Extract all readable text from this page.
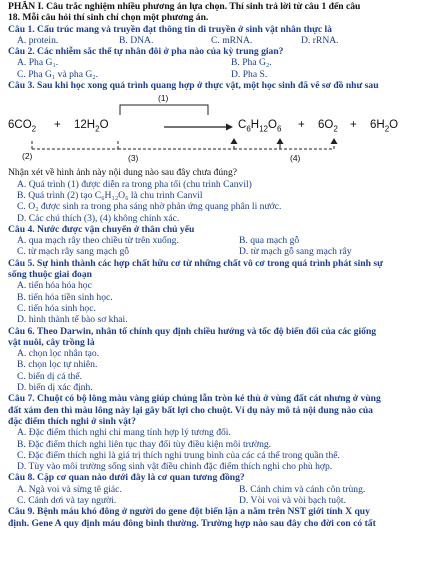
PHẦN I. Câu trắc nghiệm nhiều phương án lựa chọn. Thí sinh trả lời từ câu 1 đến câu
18. Mỗi câu hỏi thí sinh chỉ chọn một phương án.
Câu 1. Cấu trúc mang và truyền đạt thông tin di truyền ở sinh vật nhân thực là
A. protein.	B. DNA.	C. mRNA.	D. rRNA.
Câu 2. Các nhiễm sắc thể tự nhân đôi ở pha nào của kỳ trung gian?
A. Pha G₁.	B. Pha G₂.
C. Pha G₁ và pha G₂.	D. Pha S.
Câu 3. Sau khi học xong quá trình quang hợp ở thực vật, một học sinh đã vẽ sơ đồ như sau
(1)
$6CO_2 + 12H_2O$	$C_6H_{12}O_6 + 6O_2 + 6H_2O$
(2)	(3)	(4)
Nhận xét về hình ảnh này nội dung nào sau đây chưa đúng?
A. Quá trình (1) được diễn ra trong pha tối (chu trình Canvil)
B. Quá trình (2) tạo C₆H₁₂O₆ là chu trình Canvil
C. O₂ được sinh ra trong pha sáng nhờ phản ứng quang phân li nước.
D. Các chú thích (3), (4) không chính xác.
Câu 4. Nước được vận chuyển ở thân chủ yếu
A. qua mạch rây theo chiều từ trên xuống.	B. qua mạch gỗ
C. từ mạch rây sang mạch gỗ	D. từ mạch gỗ sang mạch rây
Câu 5. Sự hình thành các hợp chất hữu cơ từ những chất vô cơ trong quá trình phát sinh sự
sống thuộc giai đoạn
A. tiến hóa hóa học
B. tiến hóa tiền sinh học.
C. tiến hóa sinh học.
D. hình thành tế bào sơ khai.
Câu 6. Theo Darwin, nhân tố chính quy định chiều hướng và tốc độ biến đổi của các giống
vật nuôi, cây trồng là
A. chọn lọc nhân tạo.
B. chọn lọc tự nhiên.
C. biến dị cá thể.
D. biến dị xác định.
Câu 7. Chuột có bộ lông màu vàng giúp chúng lẫn tròn kẻ thù ở vùng đất cát nhưng ở vùng
đất xám đen thì màu lông này lại gây bất lợi cho chuột. Ví dụ này mô tả nội dung nào của
đặc điểm thích nghi ở sinh vật?
A. Đặc điểm thích nghi chỉ mang tính hợp lý tương đối.
B. Đặc điểm thích nghi liên tục thay đổi tùy điều kiện môi trường.
C. Đặc điểm thích nghi là giá trị thích nghi trung bình của các cá thể trong quần thể.
D. Tùy vào môi trường sống sinh vật điều chỉnh đặc điểm thích nghi cho phù hợp.
Câu 8. Cặp cơ quan nào dưới đây là cơ quan tương đồng?
A. Ngà voi và sừng tê giác.	B. Cánh chim và cánh côn trùng.
C. Cánh dơi và tay người.	D. Vòi voi và vòi bạch tuột.
Câu 9. Bệnh máu khó đông ở người do gene đột biến lặn a nằm trên NST giới tính X quy
định. Gene A quy định máu đông bình thường. Trường hợp nào sau đây cho đời con có tất
